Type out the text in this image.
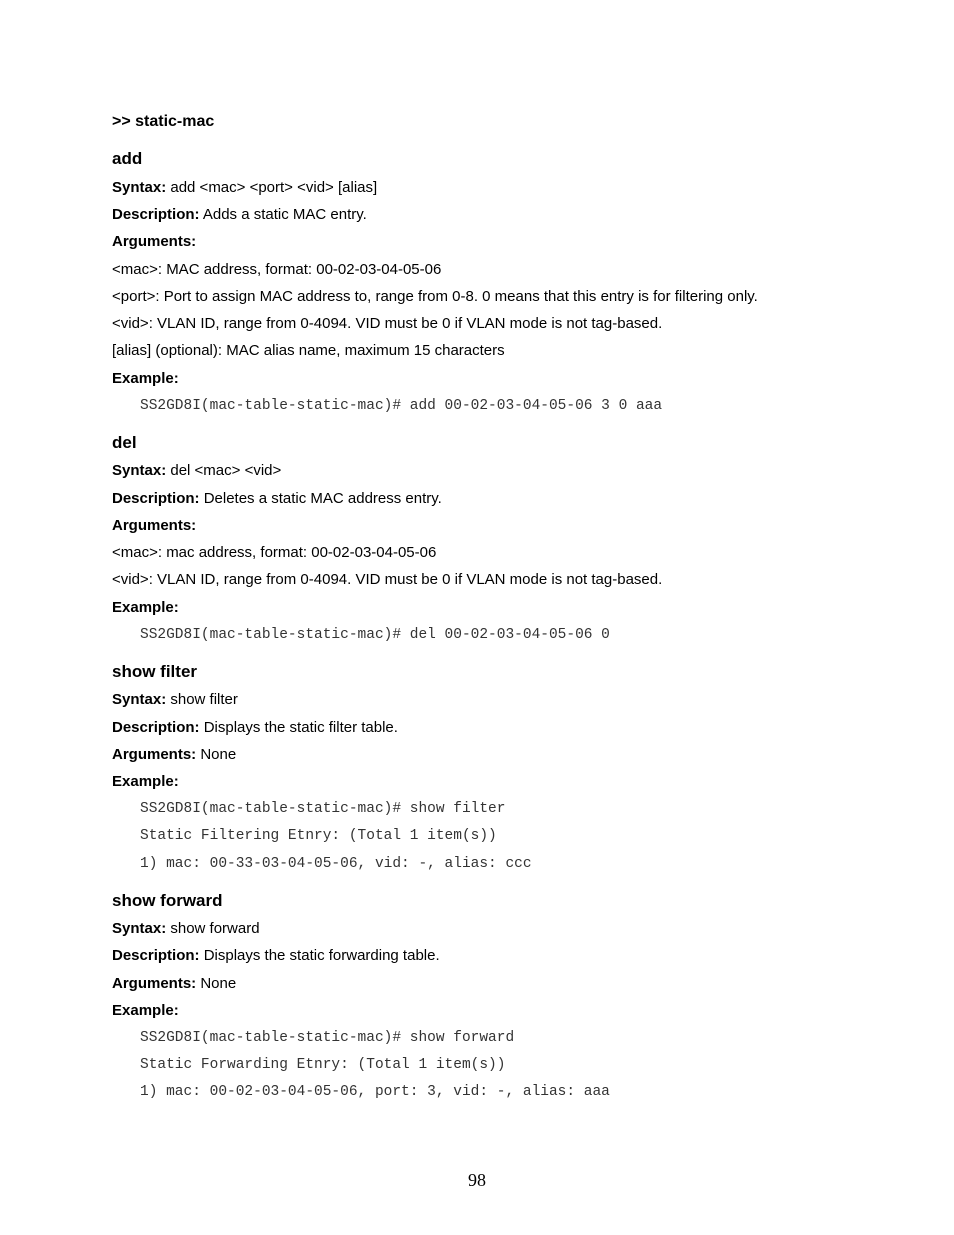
>> static-mac
add
Syntax: add <mac> <port> <vid> [alias]
Description: Adds a static MAC entry.
Arguments:
<mac>: MAC address, format: 00-02-03-04-05-06
<port>: Port to assign MAC address to, range from 0-8. 0 means that this entry is for filtering only.
<vid>: VLAN ID, range from 0-4094. VID must be 0 if VLAN mode is not tag-based.
[alias] (optional): MAC alias name, maximum 15 characters
Example:
SS2GD8I(mac-table-static-mac)# add 00-02-03-04-05-06 3 0 aaa
del
Syntax: del <mac> <vid>
Description: Deletes a static MAC address entry.
Arguments:
<mac>: mac address, format: 00-02-03-04-05-06
<vid>: VLAN ID, range from 0-4094. VID must be 0 if VLAN mode is not tag-based.
Example:
SS2GD8I(mac-table-static-mac)# del 00-02-03-04-05-06 0
show filter
Syntax: show filter
Description: Displays the static filter table.
Arguments: None
Example:
SS2GD8I(mac-table-static-mac)# show filter
Static Filtering Etnry: (Total 1 item(s))
1) mac: 00-33-03-04-05-06, vid: -, alias: ccc
show forward
Syntax: show forward
Description: Displays the static forwarding table.
Arguments: None
Example:
SS2GD8I(mac-table-static-mac)# show forward
Static Forwarding Etnry: (Total 1 item(s))
1) mac: 00-02-03-04-05-06, port: 3, vid: -, alias: aaa
98
